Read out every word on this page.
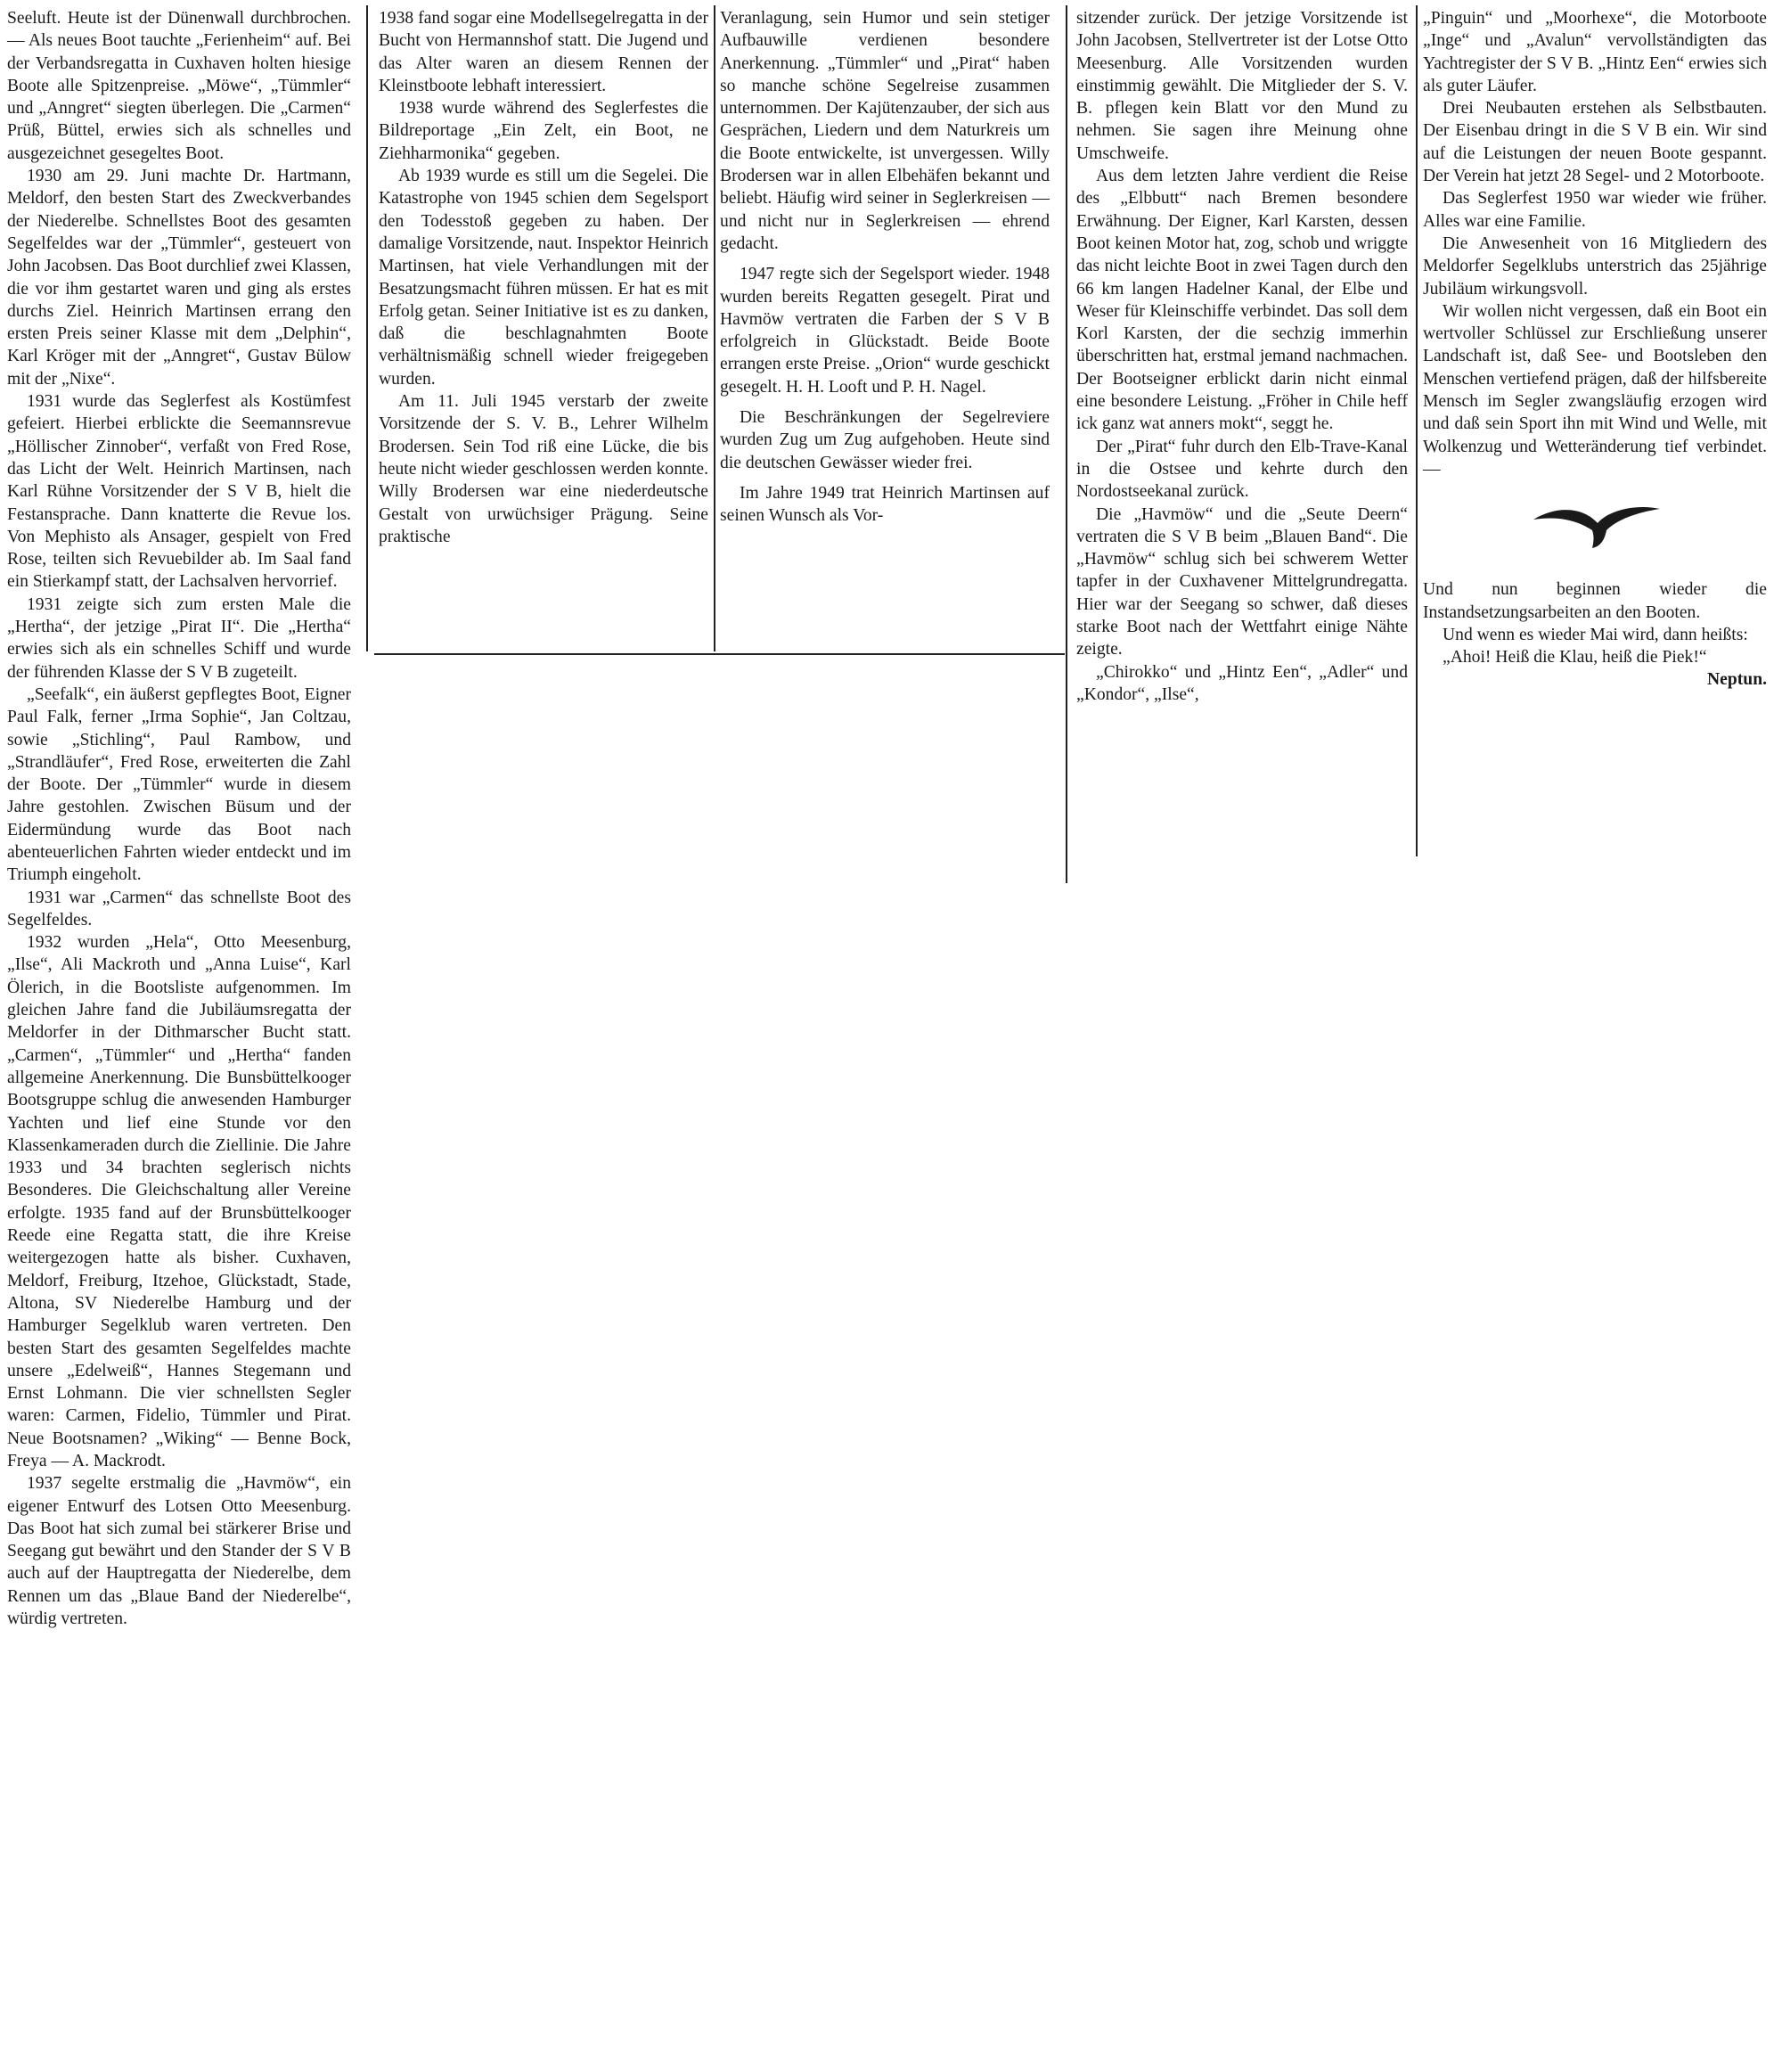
Seeluft. Heute ist der Dünenwall durchbrochen. — Als neues Boot tauchte „Ferienheim“ auf. Bei der Verbandsregatta in Cuxhaven holten hiesige Boote alle Spitzenpreise. „Möwe“, „Tümmler“ und „Anngret“ siegten überlegen. Die „Carmen“ Prüß, Büttel, erwies sich als schnelles und ausgezeichnet gesegeltes Boot.

1930 am 29. Juni machte Dr. Hartmann, Meldorf, den besten Start des Zweckverbandes der Niederelbe. Schnellstes Boot des gesamten Segelfeldes war der „Tümmler“, gesteuert von John Jacobsen. Das Boot durchlief zwei Klassen, die vor ihm gestartet waren und ging als erstes durchs Ziel. Heinrich Martinsen errang den ersten Preis seiner Klasse mit dem „Delphin“, Karl Kröger mit der „Anngret“, Gustav Bülow mit der „Nixe“.

1931 wurde das Seglerfest als Kostümfest gefeiert. Hierbei erblickte die Seemannsrevue „Höllischer Zinnober“, verfaßt von Fred Rose, das Licht der Welt. Heinrich Martinsen, nach Karl Rühne Vorsitzender der S V B, hielt die Festansprache. Dann knatterte die Revue los. Von Mephisto als Ansager, gespielt von Fred Rose, teilten sich Revuebilder ab. Im Saal fand ein Stierkampf statt, der Lachsalven hervorrief.

1931 zeigte sich zum ersten Male die „Hertha“, der jetzige „Pirat II“. Die „Hertha“ erwies sich als ein schnelles Schiff und wurde der führenden Klasse der S V B zugeteilt.

„Seefalk“, ein äußerst gepflegtes Boot, Eigner Paul Falk, ferner „Irma Sophie“, Jan Coltzau, sowie „Stichling“, Paul Rambow, und „Strandläufer“, Fred Rose, erweiterten die Zahl der Boote. Der „Tümmler“ wurde in diesem Jahre gestohlen. Zwischen Büsum und der Eidermündung wurde das Boot nach abenteuerlichen Fahrten wieder entdeckt und im Triumph eingeholt.

1931 war „Carmen“ das schnellste Boot des Segelfeldes.

1932 wurden „Hela“, Otto Meesenburg, „Ilse“, Ali Mackroth und „Anna Luise“, Karl Ölerich, in die Bootsliste aufgenommen. Im gleichen Jahre fand die Jubiläumsregatta der Meldorfer in der Dithmarscher Bucht statt. „Carmen“, „Tümmler“ und „Hertha“ fanden allgemeine Anerkennung. Die Bunsbüttelkooger Bootsgruppe schlug die anwesenden Hamburger Yachten und lief eine Stunde vor den Klassenkameraden durch die Ziellinie. Die Jahre 1933 und 34 brachten seglerisch nichts Besonderes. Die Gleichschaltung aller Vereine erfolgte. 1935 fand auf der Brunsbüttelkooger Reede eine Regatta statt, die ihre Kreise weitergezogen hatte als bisher. Cuxhaven, Meldorf, Freiburg, Itzehoe, Glückstadt, Stade, Altona, SV Niederelbe Hamburg und der Hamburger Segelklub waren vertreten. Den besten Start des gesamten Segelfeldes machte unsere „Edelweiß“, Hannes Stegemann und Ernst Lohmann. Die vier schnellsten Segler waren: Carmen, Fidelio, Tümmler und Pirat. Neue Bootsnamen? „Wiking“ — Benne Bock, Freya — A. Mackrodt.

1937 segelte erstmalig die „Havmöw“, ein eigener Entwurf des Lotsen Otto Meesenburg. Das Boot hat sich zumal bei stärkerer Brise und Seegang gut bewährt und den Stander der S V B auch auf der Hauptregatta der Niederelbe, dem Rennen um das „Blaue Band der Niederelbe“, würdig vertreten.

1938 fand sogar eine Modellsegelregatta in der Bucht von Hermannshof statt. Die Jugend und das Alter waren an diesem Rennen der Kleinstboote lebhaft interessiert.

1938 wurde während des Seglerfestes die Bildreportage „Ein Zelt, ein Boot, ne Ziehharmonika“ gegeben.

Ab 1939 wurde es still um die Segelei. Die Katastrophe von 1945 schien dem Segelsport den Todesstoß gegeben zu haben. Der damalige Vorsitzende, naut. Inspektor Heinrich Martinsen, hat viele Verhandlungen mit der Besatzungsmacht führen müssen. Er hat es mit Erfolg getan. Seiner Initiative ist es zu danken, daß die beschlagnahmten Boote verhältnismäßig schnell wieder freigegeben wurden.

Am 11. Juli 1945 verstarb der zweite Vorsitzende der S. V. B., Lehrer Wilhelm Brodersen. Sein Tod riß eine Lücke, die bis heute nicht wieder geschlossen werden konnte. Willy Brodersen war eine niederdeutsche Gestalt von urwüchsiger Prägung. Seine praktische

Veranlagung, sein Humor und sein stetiger Aufbauwille verdienen besondere Anerkennung. „Tümmler“ und „Pirat“ haben so manche schöne Segelreise zusammen unternommen. Der Kajütenzauber, der sich aus Gesprächen, Liedern und dem Naturkreis um die Boote entwickelte, ist unvergessen. Willy Brodersen war in allen Elbehäfen bekannt und beliebt. Häufig wird seiner in Seglerkreisen — und nicht nur in Seglerkreisen — ehrend gedacht.

1947 regte sich der Segelsport wieder. 1948 wurden bereits Regatten gesegelt. Pirat und Havmöw vertraten die Farben der S V B erfolgreich in Glückstadt. Beide Boote errangen erste Preise. „Orion“ wurde geschickt gesegelt. H. H. Looft und P. H. Nagel.

Die Beschränkungen der Segelreviere wurden Zug um Zug aufgehoben. Heute sind die deutschen Gewässer wieder frei.

Im Jahre 1949 trat Heinrich Martinsen auf seinen Wunsch als Vor-

sitzender zurück. Der jetzige Vorsitzende ist John Jacobsen, Stellvertreter ist der Lotse Otto Meesenburg. Alle Vorsitzenden wurden einstimmig gewählt. Die Mitglieder der S. V. B. pflegen kein Blatt vor den Mund zu nehmen. Sie sagen ihre Meinung ohne Umschweife.

Aus dem letzten Jahre verdient die Reise des „Elbbutt“ nach Bremen besondere Erwähnung. Der Eigner, Karl Karsten, dessen Boot keinen Motor hat, zog, schob und wriggte das nicht leichte Boot in zwei Tagen durch den 66 km langen Hadelner Kanal, der Elbe und Weser für Kleinschiffe verbindet. Das soll dem Korl Karsten, der die sechzig immerhin überschritten hat, erstmal jemand nachmachen. Der Bootseigner erblickt darin nicht einmal eine besondere Leistung. „Fröher in Chile heff ick ganz wat anners mokt“, seggt he.

Der „Pirat“ fuhr durch den Elb-Trave-Kanal in die Ostsee und kehrte durch den Nordostseekanal zurück.

Die „Havmöw“ und die „Seute Deern“ vertraten die S V B beim „Blauen Band“. Die „Havmöw“ schlug sich bei schwerem Wetter tapfer in der Cuxhavener Mittelgrundregatta. Hier war der Seegang so schwer, daß dieses starke Boot nach der Wettfahrt einige Nähte zeigte.

„Chirokko“ und „Hintz Een“, „Adler“ und „Kondor“, „Ilse“,

„Pinguin“ und „Moorhexe“, die Motorboote „Inge“ und „Avalun“ vervollständigten das Yachtregister der S V B. „Hintz Een“ erwies sich als guter Läufer.

Drei Neubauten erstehen als Selbstbauten. Der Eisenbau dringt in die S V B ein. Wir sind auf die Leistungen der neuen Boote gespannt. Der Verein hat jetzt 28 Segel- und 2 Motorboote.

Das Seglerfest 1950 war wieder wie früher. Alles war eine Familie.

Die Anwesenheit von 16 Mitgliedern des Meldorfer Segelklubs unterstrich das 25jährige Jubiläum wirkungsvoll.

Wir wollen nicht vergessen, daß ein Boot ein wertvoller Schlüssel zur Erschließung unserer Landschaft ist, daß See- und Bootsleben den Menschen vertiefend prägen, daß der hilfsbereite Mensch im Segler zwangsläufig erzogen wird und daß sein Sport ihn mit Wind und Welle, mit Wolkenzug und Wetteränderung tief verbindet. —

Und nun beginnen wieder die Instandsetzungsarbeiten an den Booten.

Und wenn es wieder Mai wird, dann heißts:

„Ahoi! Heiß die Klau, heiß die Piek!“

Neptun.
